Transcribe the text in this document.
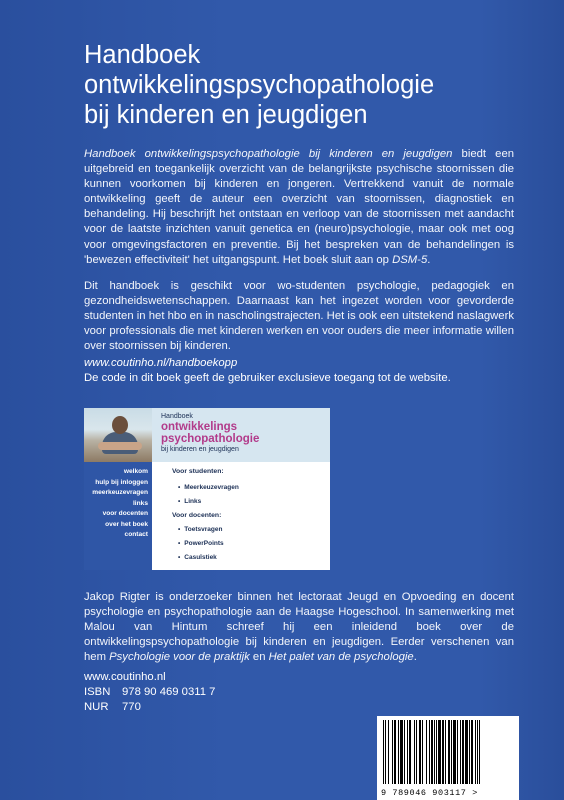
Handboek
ontwikkelingspsychopathologie
bij kinderen en jeugdigen

Handboek ontwikkelingspsychopathologie bij kinderen en jeugdigen biedt een uitgebreid en toegankelijk overzicht van de belangrijkste psychische stoornissen die kunnen voorkomen bij kinderen en jongeren. Vertrekkend vanuit de normale ontwikkeling geeft de auteur een overzicht van stoornissen, diagnostiek en behandeling. Hij beschrijft het ontstaan en verloop van de stoornissen met aandacht voor de laatste inzichten vanuit genetica en (neuro)psychologie, maar ook met oog voor omgevingsfactoren en preventie. Bij het bespreken van de behandelingen is 'bewezen effectiviteit' het uitgangspunt. Het boek sluit aan op DSM-5.

Dit handboek is geschikt voor wo-studenten psychologie, pedagogiek en gezondheidswetenschappen. Daarnaast kan het ingezet worden voor gevorderde studenten in het hbo en in nascholingstrajecten. Het is ook een uitstekend naslagwerk voor professionals die met kinderen werken en voor ouders die meer informatie willen over stoornissen bij kinderen.

www.coutinho.nl/handboekopp
De code in dit boek geeft de gebruiker exclusieve toegang tot de website.
Handboek
ontwikkelings
psychopathologie
bij kinderen en jeugdigen
welkom
hulp bij inloggen
meerkeuzevragen
links
voor docenten
over het boek
contact
Voor studenten:
• Meerkeuzevragen
• Links
Voor docenten:
• Toetsvragen
• PowerPoints
• Casuïstiek

Jakop Rigter is onderzoeker binnen het lectoraat Jeugd en Opvoeding en docent psychologie en psychopathologie aan de Haagse Hogeschool. In samenwerking met Malou van Hintum schreef hij een inleidend boek over de ontwikkelingspsychopathologie bij kinderen en jeugdigen. Eerder verschenen van hem Psychologie voor de praktijk en Het palet van de psychologie.

www.coutinho.nl
ISBN 978 90 469 0311 7
NUR 770
9 789046 903117 >
